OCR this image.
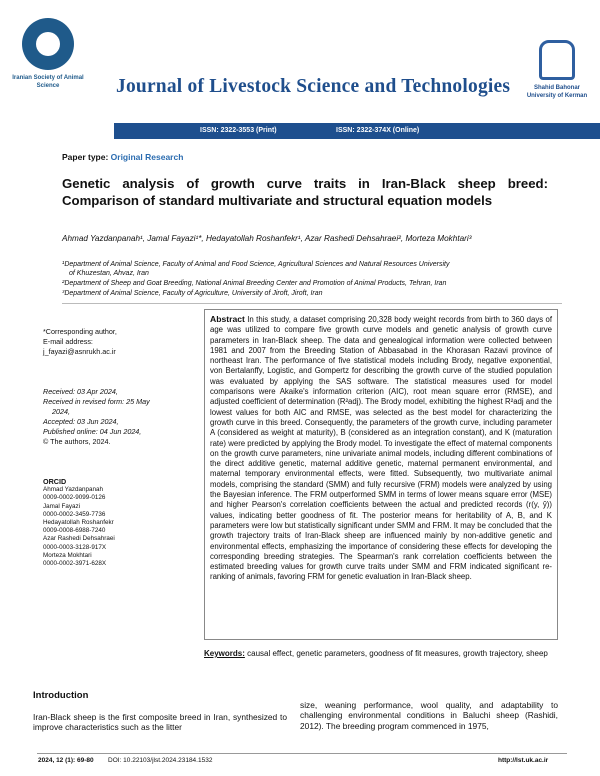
Iranian Society of Animal Science	Journal of Livestock Science and Technologies	Shahid Bahonar University of Kerman
ISSN: 2322-3553 (Print)	ISSN: 2322-374X (Online)
Paper type: Original Research
Genetic analysis of growth curve traits in Iran-Black sheep breed: Comparison of standard multivariate and structural equation models
Ahmad Yazdanpanah¹, Jamal Fayazi¹*, Hedayatollah Roshanfekr¹, Azar Rashedi Dehsahraei², Morteza Mokhtari³
¹Department of Animal Science, Faculty of Animal and Food Science, Agricultural Sciences and Natural Resources University
of Khuzestan, Ahvaz, Iran
²Department of Sheep and Goat Breeding, National Animal Breeding Center and Promotion of Animal Products, Tehran, Iran
³Department of Animal Science, Faculty of Agriculture, University of Jiroft, Jiroft, Iran
*Corresponding author,
E-mail address:
j_fayazi@asnrukh.ac.ir
Received: 03 Apr 2024,
Received in revised form: 25 May
2024,
Accepted: 03 Jun 2024,
Published online: 04 Jun 2024,
© The authors, 2024.
ORCID
Ahmad Yazdanpanah
0009-0002-9099-0126
Jamal Fayazi
0000-0002-3459-7736
Hedayatollah Roshanfekr
0009-0008-6988-7240
Azar Rashedi Dehsahraei
0000-0003-3128-917X
Morteza Mokhtari
0000-0002-3971-628X
Abstract In this study, a dataset comprising 20,328 body weight records from birth to 360 days of age was utilized to compare five growth curve models and genetic analysis of growth curve parameters in Iran-Black sheep. The data and genealogical information were collected between 1981 and 2007 from the Breeding Station of Abbasabad in the Khorasan Razavi province of northeast Iran. The performance of five statistical models including Brody, negative exponential, von Bertalanffy, Logistic, and Gompertz for describing the growth curve of the studied population was evaluated by applying the SAS software. The statistical measures used for model comparisons were Akaike's information criterion (AIC), root mean square error (RMSE), and adjusted coefficient of determination (R²adj). The Brody model, exhibiting the highest R²adj and the lowest values for both AIC and RMSE, was selected as the best model for characterizing the growth curve in this breed. Consequently, the parameters of the growth curve, including parameter A (considered as weight at maturity), B (considered as an integration constant), and K (maturation rate) were predicted by applying the Brody model. To investigate the effect of maternal components on the growth curve parameters, nine univariate animal models, including different combinations of the direct additive genetic, maternal additive genetic, maternal permanent environmental, and maternal temporary environmental effects, were fitted. Subsequently, two multivariate animal models, comprising the standard (SMM) and fully recursive (FRM) models were analyzed by using the Bayesian inference. The FRM outperformed SMM in terms of lower means square error (MSE) and higher Pearson's correlation coefficients between the actual and predicted records (r(y, ŷ)) values, indicating better goodness of fit. The posterior means for heritability of A, B, and K parameters were low but statistically significant under SMM and FRM. It may be concluded that the growth trajectory traits of Iran-Black sheep are influenced mainly by non-additive genetic and environmental effects, emphasizing the importance of considering these effects for developing the corresponding breeding strategies. The Spearman's rank correlation coefficients between the estimated breeding values for growth curve traits under SMM and FRM indicated significant re-ranking of animals, favoring FRM for genetic evaluation in Iran-Black sheep.
Keywords: causal effect, genetic parameters, goodness of fit measures, growth trajectory, sheep
Introduction
Iran-Black sheep is the first composite breed in Iran, synthesized to improve characteristics such as the litter
size, weaning performance, wool quality, and adaptability to challenging environmental conditions in Baluchi sheep (Rashidi, 2012). The breeding program commenced in 1975,
2024, 12 (1): 69-80 DOI: 10.22103/jlst.2024.23184.1532	http://lst.uk.ac.ir
